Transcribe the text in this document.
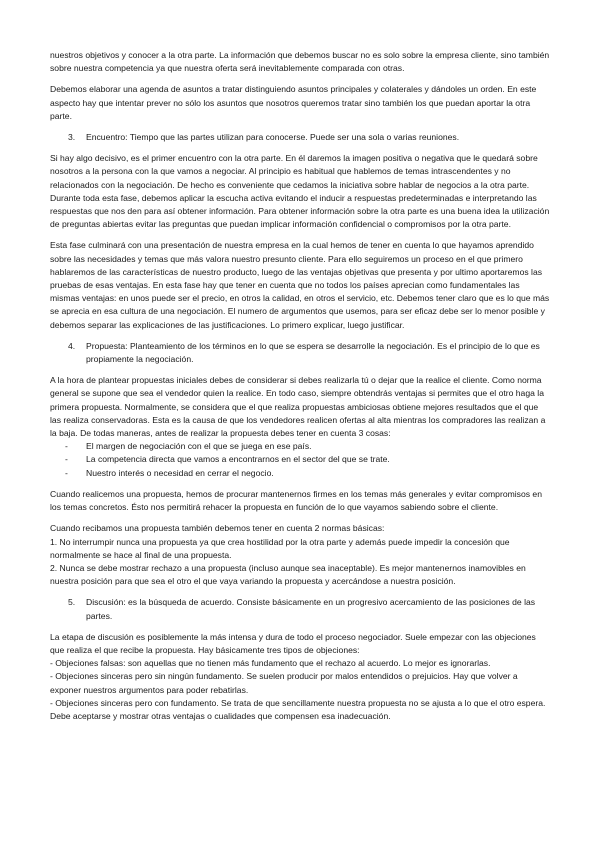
nuestros objetivos y conocer a la otra parte. La información que debemos buscar no es solo sobre la empresa cliente, sino también sobre nuestra competencia ya que nuestra oferta será inevitablemente comparada con otras.

Debemos elaborar una agenda de asuntos a tratar distinguiendo asuntos principales y colaterales y dándoles un orden. En este aspecto hay que intentar prever no sólo los asuntos que nosotros queremos tratar sino también los que puedan aportar la otra parte.

3. Encuentro: Tiempo que las partes utilizan para conocerse. Puede ser una sola o varias reuniones.

Si hay algo decisivo, es el primer encuentro con la otra parte. En él daremos la imagen positiva o negativa que le quedará sobre nosotros a la persona con la que vamos a negociar. Al principio es habitual que hablemos de temas intrascendentes y no relacionados con la negociación. De hecho es conveniente que cedamos la iniciativa sobre hablar de negocios a la otra parte. Durante toda esta fase, debemos aplicar la escucha activa evitando el inducir a respuestas predeterminadas e interpretando las respuestas que nos den para así obtener información. Para obtener información sobre la otra parte es una buena idea la utilización de preguntas abiertas evitar las preguntas que puedan implicar información confidencial o compromisos por la otra parte.

Esta fase culminará con una presentación de nuestra empresa en la cual hemos de tener en cuenta lo que hayamos aprendido sobre las necesidades y temas que más valora nuestro presunto cliente. Para ello seguiremos un proceso en el que primero hablaremos de las características de nuestro producto, luego de las ventajas objetivas que presenta y por ultimo aportaremos las pruebas de esas ventajas. En esta fase hay que tener en cuenta que no todos los países aprecian como fundamentales las mismas ventajas: en unos puede ser el precio, en otros la calidad, en otros el servicio, etc. Debemos tener claro que es lo que más se aprecia en esa cultura de una negociación. El numero de argumentos que usemos, para ser eficaz debe ser lo menor posible y debemos separar las explicaciones de las justificaciones. Lo primero explicar, luego justificar.

4. Propuesta: Planteamiento de los términos en lo que se espera se desarrolle la negociación. Es el principio de lo que es propiamente la negociación.

A la hora de plantear propuestas iniciales debes de considerar si debes realizarla tú o dejar que la realice el cliente. Como norma general se supone que sea el vendedor quien la realice. En todo caso, siempre obtendrás ventajas si permites que el otro haga la primera propuesta. Normalmente, se considera que el que realiza propuestas ambiciosas obtiene mejores resultados que el que las realiza conservadoras. Esta es la causa de que los vendedores realicen ofertas al alta mientras los compradores las realizan a la baja. De todas maneras, antes de realizar la propuesta debes tener en cuenta 3 cosas:

- El margen de negociación con el que se juega en ese país.
- La competencia directa que vamos a encontrarnos en el sector del que se trate.
- Nuestro interés o necesidad en cerrar el negocio.

Cuando realicemos una propuesta, hemos de procurar mantenernos firmes en los temas más generales y evitar compromisos en los temas concretos. Ésto nos permitirá rehacer la propuesta en función de lo que vayamos sabiendo sobre el cliente.

Cuando recibamos una propuesta también debemos tener en cuenta 2 normas básicas:
1. No interrumpir nunca una propuesta ya que crea hostilidad por la otra parte y además puede impedir la concesión que normalmente se hace al final de una propuesta.
2. Nunca se debe mostrar rechazo a una propuesta (incluso aunque sea inaceptable). Es mejor mantenernos inamovibles en nuestra posición para que sea el otro el que vaya variando la propuesta y acercándose a nuestra posición.
5. Discusión: es la búsqueda de acuerdo. Consiste básicamente en un progresivo acercamiento de las posiciones de las partes.
La etapa de discusión es posiblemente la más intensa y dura de todo el proceso negociador. Suele empezar con las objeciones que realiza el que recibe la propuesta. Hay básicamente tres tipos de objeciones:
- Objeciones falsas: son aquellas que no tienen más fundamento que el rechazo al acuerdo. Lo mejor es ignorarlas.
- Objeciones sinceras pero sin ningún fundamento. Se suelen producir por malos entendidos o prejuicios. Hay que volver a exponer nuestros argumentos para poder rebatirlas.
- Objeciones sinceras pero con fundamento. Se trata de que sencillamente nuestra propuesta no se ajusta a lo que el otro espera. Debe aceptarse y mostrar otras ventajas o cualidades que compensen esa inadecuación.
